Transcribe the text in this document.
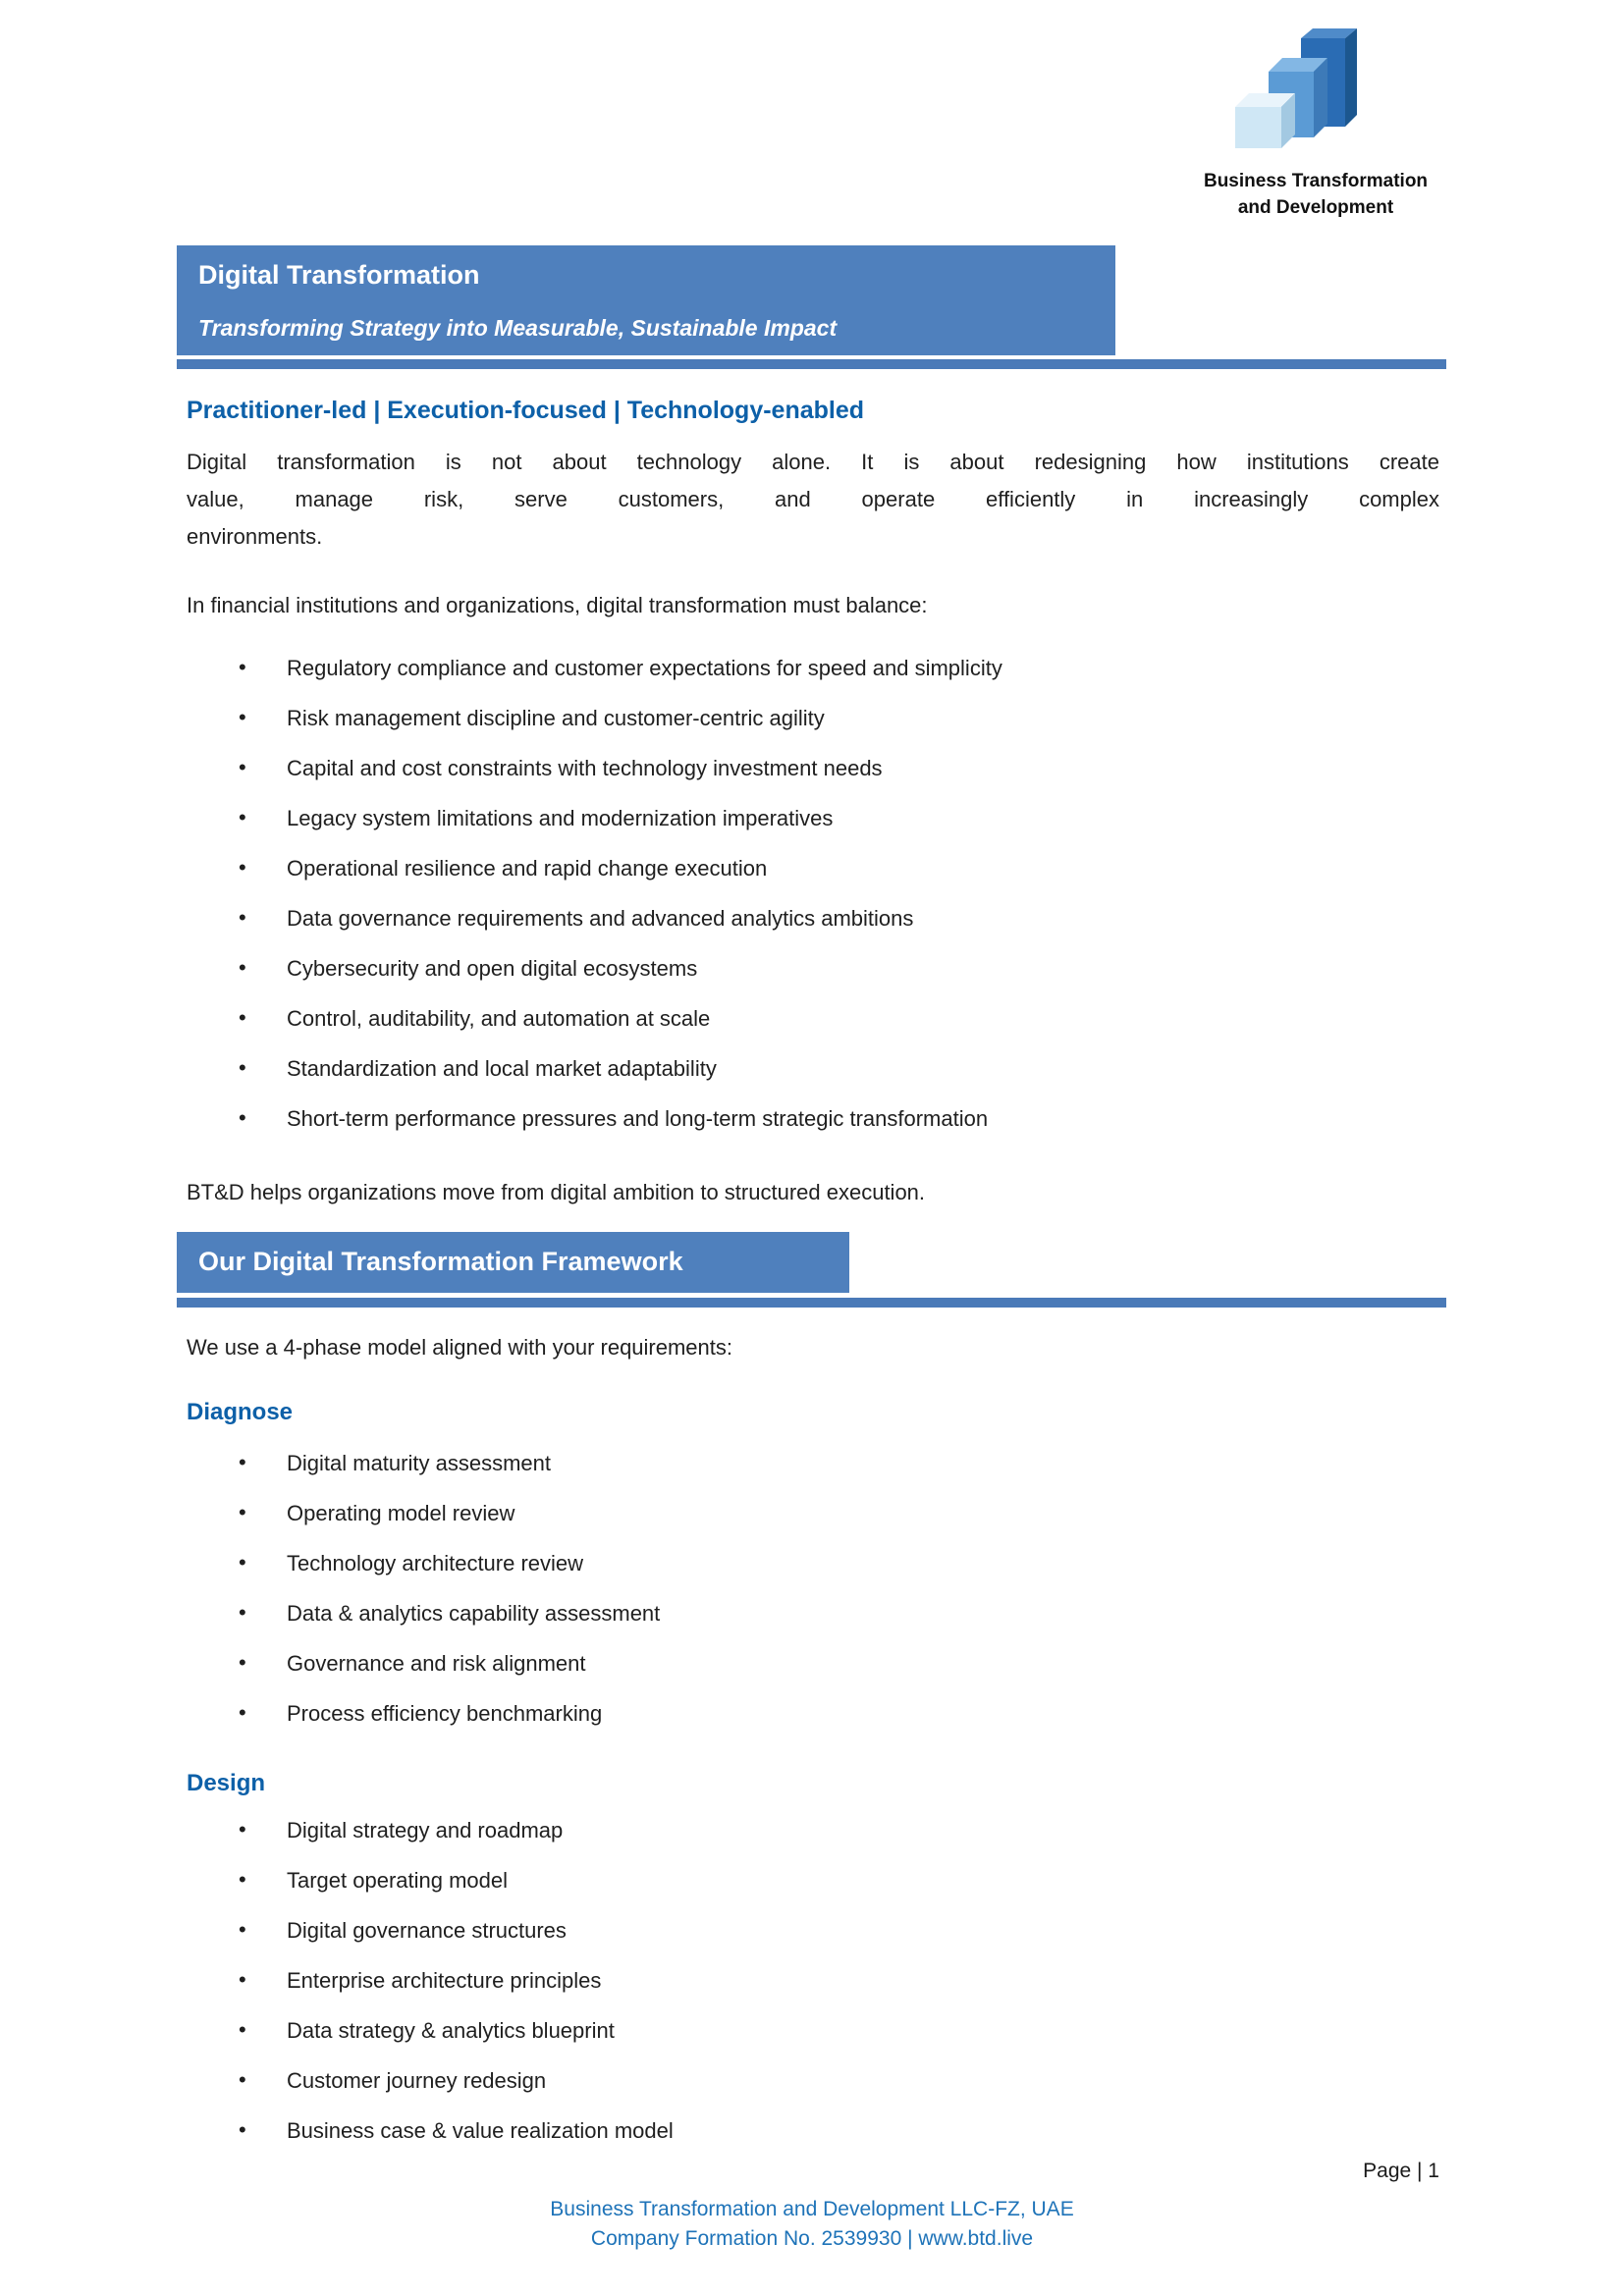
Business Transformation
and Development
Digital Transformation
Transforming Strategy into Measurable, Sustainable Impact
Practitioner-led | Execution-focused | Technology-enabled
Digital transformation is not about technology alone. It is about redesigning how institutions create
value, manage risk, serve customers, and operate efficiently in increasingly complex
environments.
In financial institutions and organizations, digital transformation must balance:
• Regulatory compliance and customer expectations for speed and simplicity
• Risk management discipline and customer-centric agility
• Capital and cost constraints with technology investment needs
• Legacy system limitations and modernization imperatives
• Operational resilience and rapid change execution
• Data governance requirements and advanced analytics ambitions
• Cybersecurity and open digital ecosystems
• Control, auditability, and automation at scale
• Standardization and local market adaptability
• Short-term performance pressures and long-term strategic transformation
BT&D helps organizations move from digital ambition to structured execution.
Our Digital Transformation Framework
We use a 4-phase model aligned with your requirements:
Diagnose
• Digital maturity assessment
• Operating model review
• Technology architecture review
• Data & analytics capability assessment
• Governance and risk alignment
• Process efficiency benchmarking
Design
• Digital strategy and roadmap
• Target operating model
• Digital governance structures
• Enterprise architecture principles
• Data strategy & analytics blueprint
• Customer journey redesign
• Business case & value realization model
Page | 1
Business Transformation and Development LLC-FZ, UAE
Company Formation No. 2539930 | www.btd.live
